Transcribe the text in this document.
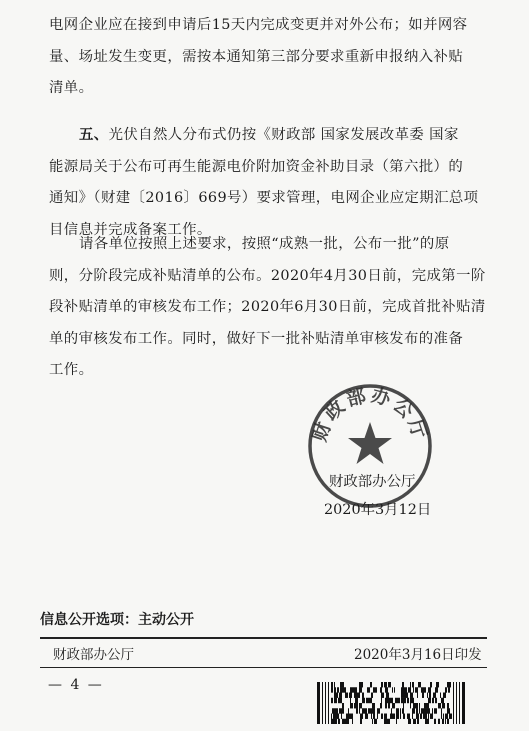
电网企业应在接到申请后15天内完成变更并对外公布；如并网容
量、场址发生变更，需按本通知第三部分要求重新申报纳入补贴
清单。
五、光伏自然人分布式仍按《财政部 国家发展改革委 国家
能源局关于公布可再生能源电价附加资金补助目录（第六批）的
通知》（财建〔2016〕669号）要求管理，电网企业应定期汇总项
目信息并完成备案工作。
请各单位按照上述要求，按照“成熟一批，公布一批”的原
则，分阶段完成补贴清单的公布。2020年4月30日前，完成第一阶
段补贴清单的审核发布工作；2020年6月30日前，完成首批补贴清
单的审核发布工作。同时，做好下一批补贴清单审核发布的准备
工作。
财政部办公厅
财政部办公厅
2020年3月12日
信息公开选项：主动公开
财政部办公厅	2020年3月16日印发
— 4 —
